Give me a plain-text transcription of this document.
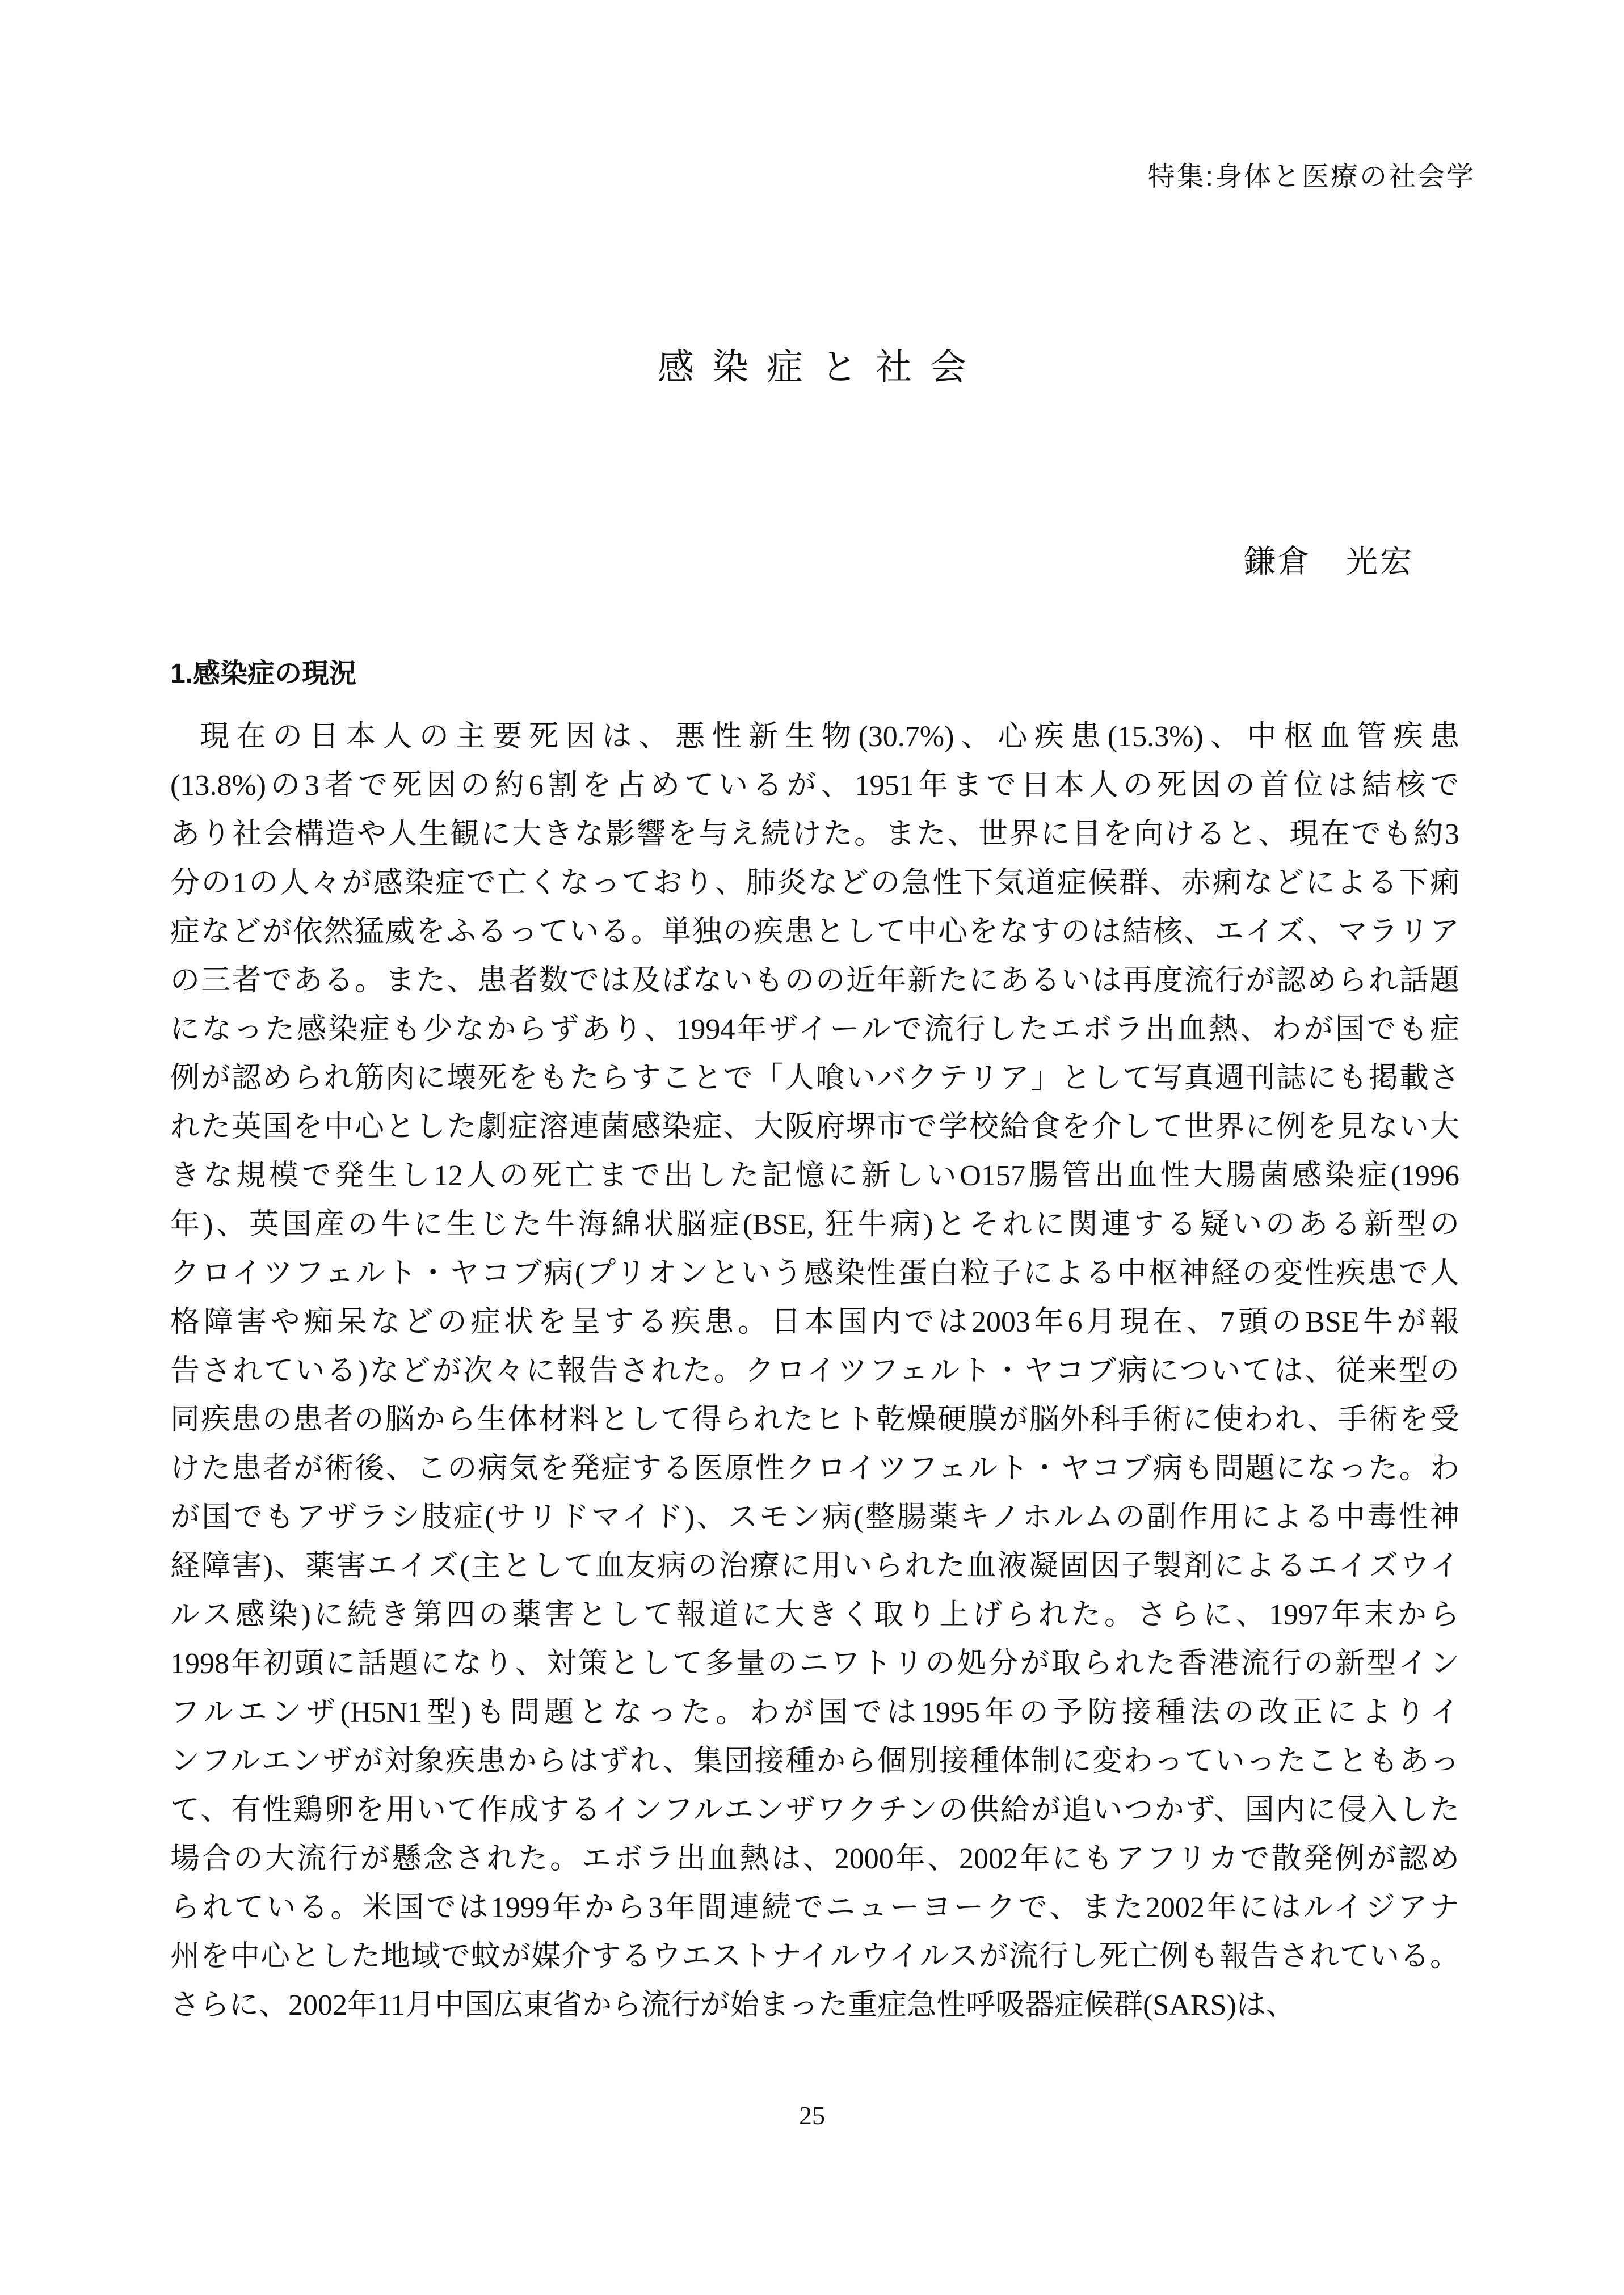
特集:身体と医療の社会学
感染症と社会
鎌倉　光宏
1.感染症の現況
現在の日本人の主要死因は、悪性新生物(30.7%)、心疾患(15.3%)、中枢血管疾患
(13.8%)の3者で死因の約6割を占めているが、1951年まで日本人の死因の首位は結核で
あり社会構造や人生観に大きな影響を与え続けた。また、世界に目を向けると、現在でも約3
分の1の人々が感染症で亡くなっており、肺炎などの急性下気道症候群、赤痢などによる下痢
症などが依然猛威をふるっている。単独の疾患として中心をなすのは結核、エイズ、マラリア
の三者である。また、患者数では及ばないものの近年新たにあるいは再度流行が認められ話題
になった感染症も少なからずあり、1994年ザイールで流行したエボラ出血熱、わが国でも症
例が認められ筋肉に壊死をもたらすことで「人喰いバクテリア」として写真週刊誌にも掲載さ
れた英国を中心とした劇症溶連菌感染症、大阪府堺市で学校給食を介して世界に例を見ない大
きな規模で発生し12人の死亡まで出した記憶に新しいO157腸管出血性大腸菌感染症(1996
年)、英国産の牛に生じた牛海綿状脳症(BSE, 狂牛病)とそれに関連する疑いのある新型の
クロイツフェルト・ヤコブ病(プリオンという感染性蛋白粒子による中枢神経の変性疾患で人
格障害や痴呆などの症状を呈する疾患。日本国内では2003年6月現在、7頭のBSE牛が報
告されている)などが次々に報告された。クロイツフェルト・ヤコブ病については、従来型の
同疾患の患者の脳から生体材料として得られたヒト乾燥硬膜が脳外科手術に使われ、手術を受
けた患者が術後、この病気を発症する医原性クロイツフェルト・ヤコブ病も問題になった。わ
が国でもアザラシ肢症(サリドマイド)、スモン病(整腸薬キノホルムの副作用による中毒性神
経障害)、薬害エイズ(主として血友病の治療に用いられた血液凝固因子製剤によるエイズウイ
ルス感染)に続き第四の薬害として報道に大きく取り上げられた。さらに、1997年末から
1998年初頭に話題になり、対策として多量のニワトリの処分が取られた香港流行の新型イン
フルエンザ(H5N1型)も問題となった。わが国では1995年の予防接種法の改正によりイ
ンフルエンザが対象疾患からはずれ、集団接種から個別接種体制に変わっていったこともあっ
て、有性鶏卵を用いて作成するインフルエンザワクチンの供給が追いつかず、国内に侵入した
場合の大流行が懸念された。エボラ出血熱は、2000年、2002年にもアフリカで散発例が認め
られている。米国では1999年から3年間連続でニューヨークで、また2002年にはルイジアナ
州を中心とした地域で蚊が媒介するウエストナイルウイルスが流行し死亡例も報告されている。
さらに、2002年11月中国広東省から流行が始まった重症急性呼吸器症候群(SARS)は、
25
